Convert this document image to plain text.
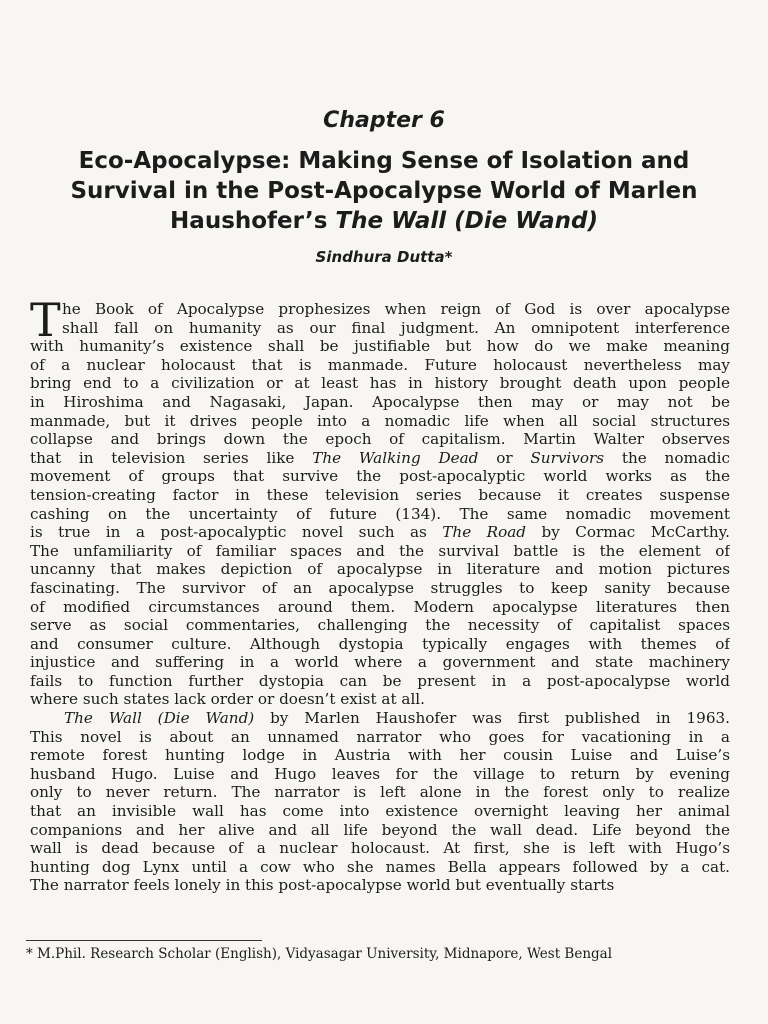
Chapter 6
Eco-Apocalypse: Making Sense of Isolation and
Survival in the Post-Apocalypse World of Marlen
Haushofer’s The Wall (Die Wand)
Sindhura Dutta*
T he Book of Apocalypse prophesizes when reign of God is over apocalypse
shall fall on humanity as our final judgment. An omnipotent interference
with humanity’s existence shall be justifiable but how do we make meaning
of a nuclear holocaust that is manmade. Future holocaust nevertheless may
bring end to a civilization or at least has in history brought death upon people
in Hiroshima and Nagasaki, Japan. Apocalypse then may or may not be
manmade, but it drives people into a nomadic life when all social structures
collapse and brings down the epoch of capitalism. Martin Walter observes
that in television series like The Walking Dead or Survivors the nomadic
movement of groups that survive the post-apocalyptic world works as the
tension-creating factor in these television series because it creates suspense
cashing on the uncertainty of future (134). The same nomadic movement
is true in a post-apocalyptic novel such as The Road by Cormac McCarthy.
The unfamiliarity of familiar spaces and the survival battle is the element of
uncanny that makes depiction of apocalypse in literature and motion pictures
fascinating. The survivor of an apocalypse struggles to keep sanity because
of modified circumstances around them. Modern apocalypse literatures then
serve as social commentaries, challenging the necessity of capitalist spaces
and consumer culture. Although dystopia typically engages with themes of
injustice and suffering in a world where a government and state machinery
fails to function further dystopia can be present in a post-apocalypse world
where such states lack order or doesn’t exist at all.
The Wall (Die Wand) by Marlen Haushofer was first published in 1963.
This novel is about an unnamed narrator who goes for vacationing in a
remote forest hunting lodge in Austria with her cousin Luise and Luise’s
husband Hugo. Luise and Hugo leaves for the village to return by evening
only to never return. The narrator is left alone in the forest only to realize
that an invisible wall has come into existence overnight leaving her animal
companions and her alive and all life beyond the wall dead. Life beyond the
wall is dead because of a nuclear holocaust. At first, she is left with Hugo’s
hunting dog Lynx until a cow who she names Bella appears followed by a cat.
The narrator feels lonely in this post-apocalypse world but eventually starts
* M.Phil. Research Scholar (English), Vidyasagar University, Midnapore, West Bengal
